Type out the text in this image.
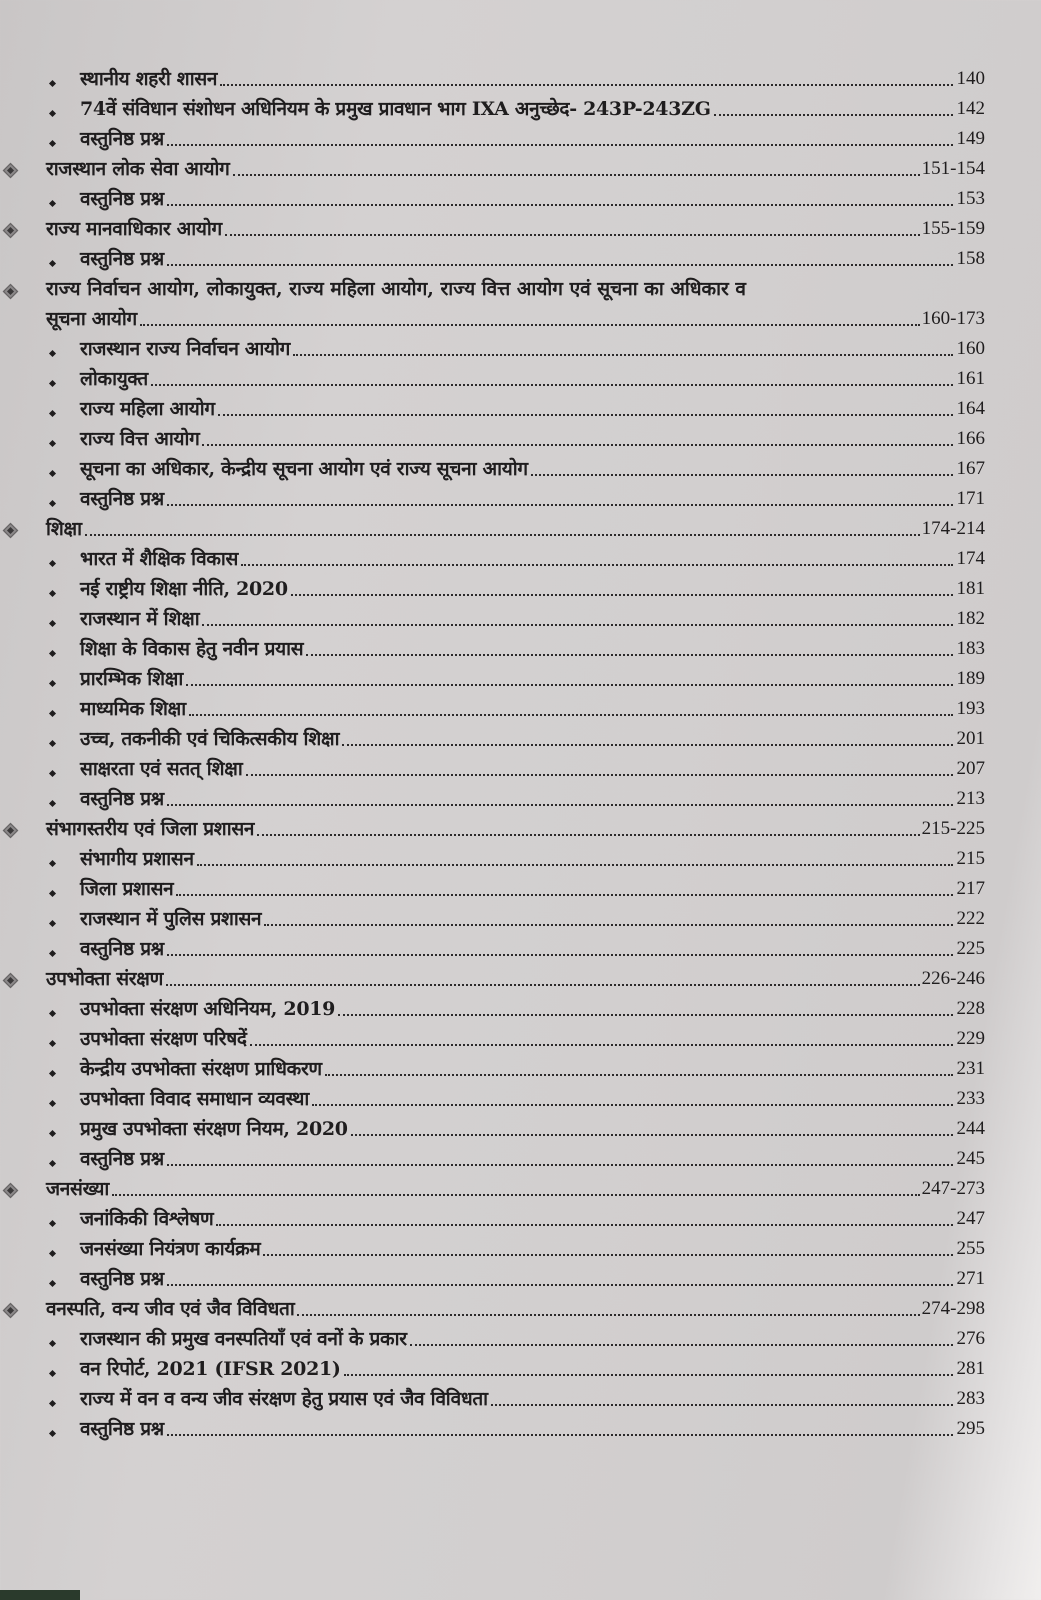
स्थानीय शहरी शासन	140
74वें संविधान संशोधन अधिनियम के प्रमुख प्रावधान भाग IXA अनुच्छेद- 243P-243ZG	142
वस्तुनिष्ठ प्रश्न	149
राजस्थान लोक सेवा आयोग	151-154
वस्तुनिष्ठ प्रश्न	153
राज्य मानवाधिकार आयोग	155-159
वस्तुनिष्ठ प्रश्न	158
राज्य निर्वाचन आयोग, लोकायुक्त, राज्य महिला आयोग, राज्य वित्त आयोग एवं सूचना का अधिकार व
सूचना आयोग	160-173
राजस्थान राज्य निर्वाचन आयोग	160
लोकायुक्त	161
राज्य महिला आयोग	164
राज्य वित्त आयोग	166
सूचना का अधिकार, केन्द्रीय सूचना आयोग एवं राज्य सूचना आयोग	167
वस्तुनिष्ठ प्रश्न	171
शिक्षा	174-214
भारत में शैक्षिक विकास	174
नई राष्ट्रीय शिक्षा नीति, 2020	181
राजस्थान में शिक्षा	182
शिक्षा के विकास हेतु नवीन प्रयास	183
प्रारम्भिक शिक्षा	189
माध्यमिक शिक्षा	193
उच्च, तकनीकी एवं चिकित्सकीय शिक्षा	201
साक्षरता एवं सतत् शिक्षा	207
वस्तुनिष्ठ प्रश्न	213
संभागस्तरीय एवं जिला प्रशासन	215-225
संभागीय प्रशासन	215
जिला प्रशासन	217
राजस्थान में पुलिस प्रशासन	222
वस्तुनिष्ठ प्रश्न	225
उपभोक्ता संरक्षण	226-246
उपभोक्ता संरक्षण अधिनियम, 2019	228
उपभोक्ता संरक्षण परिषदें	229
केन्द्रीय उपभोक्ता संरक्षण प्राधिकरण	231
उपभोक्ता विवाद समाधान व्यवस्था	233
प्रमुख उपभोक्ता संरक्षण नियम, 2020	244
वस्तुनिष्ठ प्रश्न	245
जनसंख्या	247-273
जनांकिकी विश्लेषण	247
जनसंख्या नियंत्रण कार्यक्रम	255
वस्तुनिष्ठ प्रश्न	271
वनस्पति, वन्य जीव एवं जैव विविधता	274-298
राजस्थान की प्रमुख वनस्पतियाँ एवं वनों के प्रकार	276
वन रिपोर्ट, 2021 (IFSR 2021)	281
राज्य में वन व वन्य जीव संरक्षण हेतु प्रयास एवं जैव विविधता	283
वस्तुनिष्ठ प्रश्न	295
